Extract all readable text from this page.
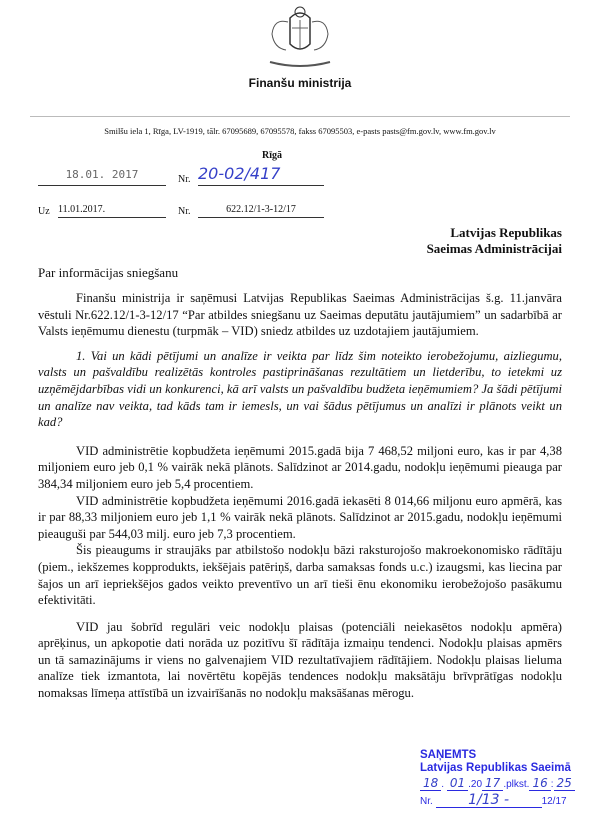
Finanšu ministrija
Smilšu iela 1, Rīga, LV-1919, tālr. 67095689, 67095578, fakss 67095503, e-pasts pasts@fm.gov.lv, www.fm.gov.lv
Rīgā
18.01. 2017	Nr. 20-02/417
Uz 11.01.2017.	Nr.	622.12/1-3-12/17
Latvijas Republikas
Saeimas Administrācijai
Par informācijas sniegšanu

Finanšu ministrija ir saņēmusi Latvijas Republikas Saeimas Administrācijas š.g. 11.janvāra vēstuli Nr.622.12/1-3-12/17 “Par atbildes sniegšanu uz Saeimas deputātu jautājumiem” un sadarbībā ar Valsts ieņēmumu dienestu (turpmāk – VID) sniedz atbildes uz uzdotajiem jautājumiem.

1. Vai un kādi pētījumi un analīze ir veikta par līdz šim noteikto ierobežojumu, aizliegumu, valsts un pašvaldību realizētās kontroles pastiprināšanas rezultātiem un lietderību, to ietekmi uz uzņēmējdarbības vidi un konkurenci, kā arī valsts un pašvaldību budžeta ieņēmumiem? Ja šādi pētījumi un analīze nav veikta, tad kāds tam ir iemesls, un vai šādus pētījumus un analīzi ir plānots veikt un kad?

VID administrētie kopbudžeta ieņēmumi 2015.gadā bija 7 468,52 miljoni euro, kas ir par 4,38 miljoniem euro jeb 0,1 % vairāk nekā plānots. Salīdzinot ar 2014.gadu, nodokļu ieņēmumi pieauga par 384,34 miljoniem euro jeb 5,4 procentiem.

VID administrētie kopbudžeta ieņēmumi 2016.gadā iekasēti 8 014,66 miljonu euro apmērā, kas ir par 88,33 miljoniem euro jeb 1,1 % vairāk nekā plānots. Salīdzinot ar 2015.gadu, nodokļu ieņēmumi pieauguši par 544,03 milj. euro jeb 7,3 procentiem.

Šis pieaugums ir straujāks par atbilstošo nodokļu bāzi raksturojošo makroekonomisko rādītāju (piem., iekšzemes kopprodukts, iekšējais patēriņš, darba samaksas fonds u.c.) izaugsmi, kas liecina par šajos un arī iepriekšējos gados veikto preventīvo un arī tieši ēnu ekonomiku ierobežojošo pasākumu efektivitāti.

VID jau šobrīd regulāri veic nodokļu plaisas (potenciāli neiekasētos nodokļu apmēra) aprēķinus, un apkopotie dati norāda uz pozitīvu šī rādītāja izmaiņu tendenci. Nodokļu plaisas apmērs un tā samazinājums ir viens no galvenajiem VID rezultatīvajiem rādītājiem. Nodokļu plaisas lieluma analīze tiek izmantota, lai novērtētu kopējās tendences nodokļu maksātāju brīvprātīgas nodokļu nomaksas līmeņa attīstībā un izvairīšanās no nodokļu maksāšanas mērogu.

SAŅEMTS
Latvijas Republikas Saeimā
18 . 01 .20 17 .plkst. 16 : 25
Nr.	1/13 -	12/17
